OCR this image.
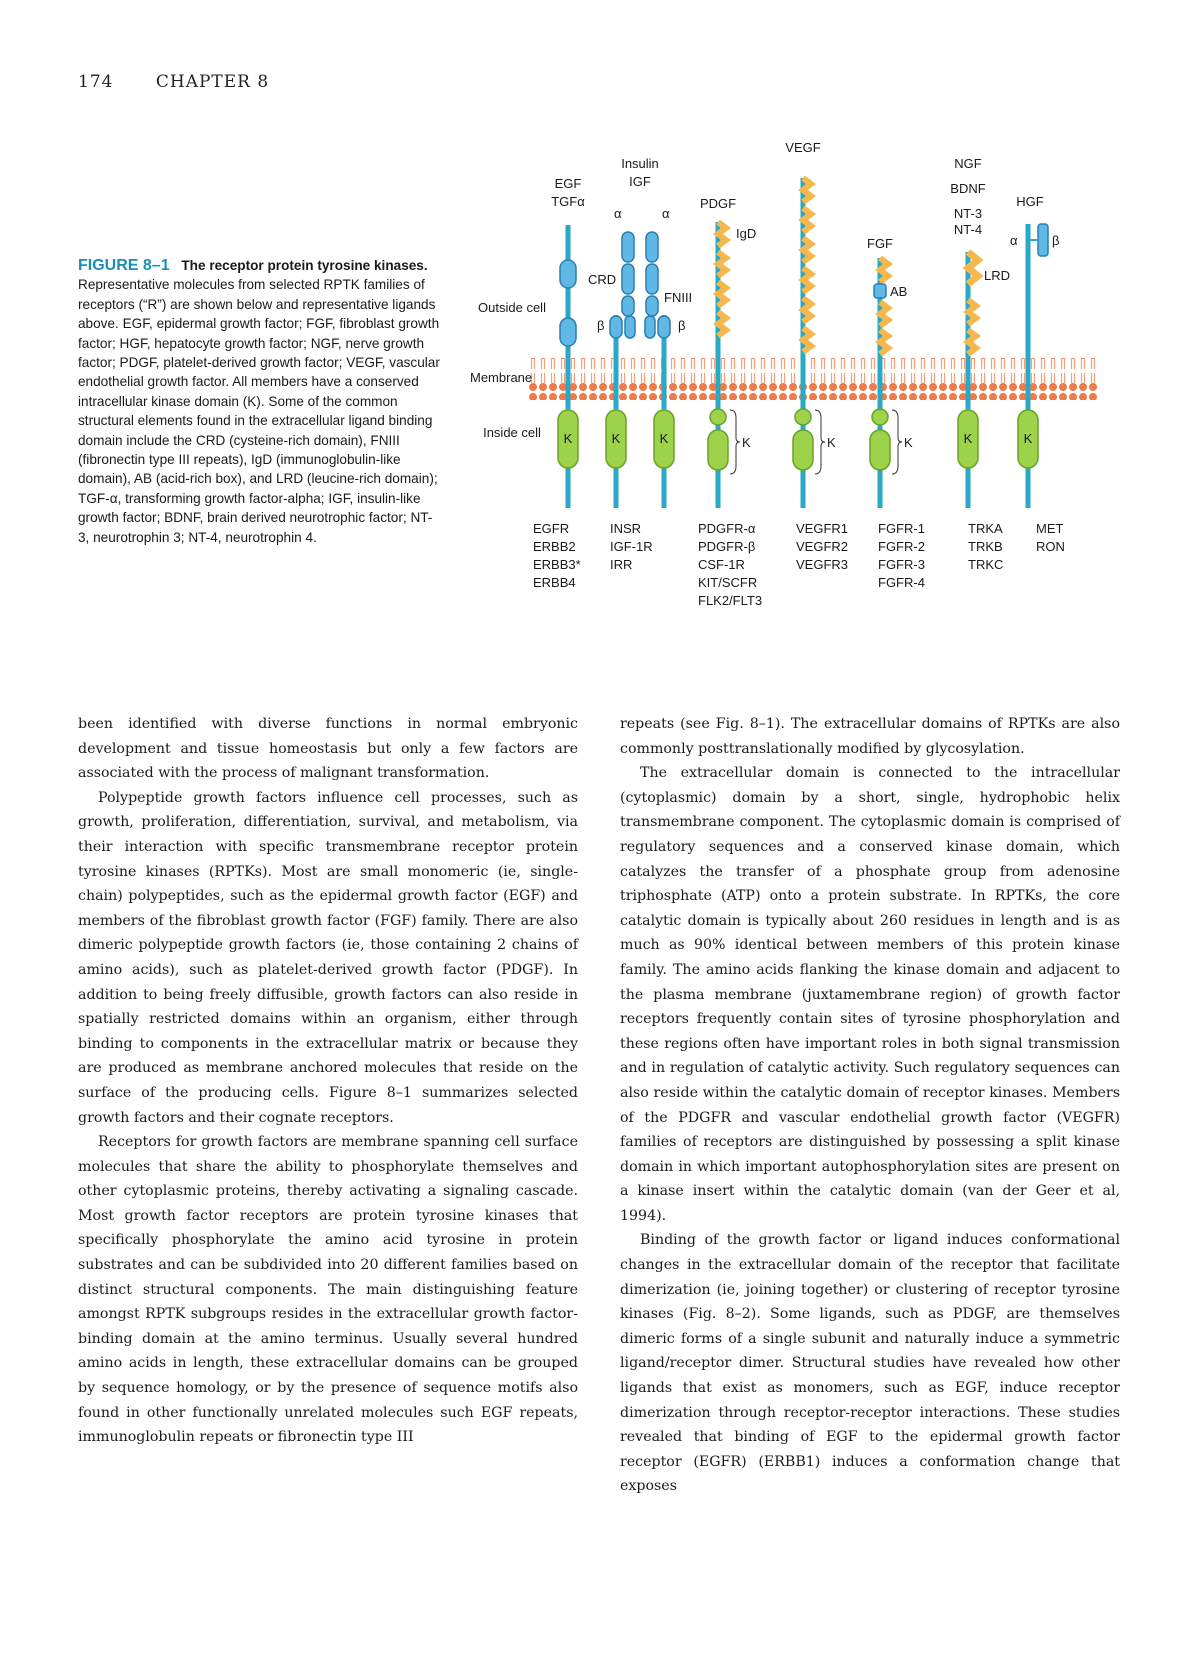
174 CHAPTER 8
FIGURE 8–1 The receptor protein tyrosine kinases. Representative molecules from selected RPTK families of receptors (“R”) are shown below and representative ligands above. EGF, epidermal growth factor; FGF, fibroblast growth factor; HGF, hepatocyte growth factor; NGF, nerve growth factor; PDGF, platelet-derived growth factor; VEGF, vascular endothelial growth factor. All members have a conserved intracellular kinase domain (K). Some of the common structural elements found in the extracellular ligand binding domain include the CRD (cysteine-rich domain), FNIII (fibronectin type III repeats), IgD (immunoglobulin-like domain), AB (acid-rich box), and LRD (leucine-rich domain); TGF-α, transforming growth factor-alpha; IGF, insulin-like growth factor; BDNF, brain derived neurotrophic factor; NT-3, neurotrophin 3; NT-4, neurotrophin 4.
Outside cell
Membrane
Inside cell
EGF
TGFα
Insulin
IGF
PDGF
VEGF
FGF
NGF
BDNF
NT-3
NT-4
HGF
CRD
α	α
β	β
FNIII
IgD
AB
LRD
α	β
K	K	K	K	K	K	K	K
EGFR
ERBB2
ERBB3*
ERBB4
INSR
IGF-1R
IRR
PDGFR-α
PDGFR-β
CSF-1R
KIT/SCFR
FLK2/FLT3
VEGFR1
VEGFR2
VEGFR3
FGFR-1
FGFR-2
FGFR-3
FGFR-4
TRKA
TRKB
TRKC
MET
RON

been identified with diverse functions in normal embryonic development and tissue homeostasis but only a few factors are associated with the process of malignant transformation.

Polypeptide growth factors influence cell processes, such as growth, proliferation, differentiation, survival, and metabolism, via their interaction with specific transmembrane receptor protein tyrosine kinases (RPTKs). Most are small monomeric (ie, single-chain) polypeptides, such as the epidermal growth factor (EGF) and members of the fibroblast growth factor (FGF) family. There are also dimeric polypeptide growth factors (ie, those containing 2 chains of amino acids), such as platelet-derived growth factor (PDGF). In addition to being freely diffusible, growth factors can also reside in spatially restricted domains within an organism, either through binding to components in the extracellular matrix or because they are produced as membrane anchored molecules that reside on the surface of the producing cells. Figure 8–1 summarizes selected growth factors and their cognate receptors.

Receptors for growth factors are membrane spanning cell surface molecules that share the ability to phosphorylate themselves and other cytoplasmic proteins, thereby activating a signaling cascade. Most growth factor receptors are protein tyrosine kinases that specifically phosphorylate the amino acid tyrosine in protein substrates and can be subdivided into 20 different families based on distinct structural components. The main distinguishing feature amongst RPTK subgroups resides in the extracellular growth factor-binding domain at the amino terminus. Usually several hundred amino acids in length, these extracellular domains can be grouped by sequence homology, or by the presence of sequence motifs also found in other functionally unrelated molecules such EGF repeats, immunoglobulin repeats or fibronectin type III

repeats (see Fig. 8–1). The extracellular domains of RPTKs are also commonly posttranslationally modified by glycosylation.

The extracellular domain is connected to the intracellular (cytoplasmic) domain by a short, single, hydrophobic helix transmembrane component. The cytoplasmic domain is comprised of regulatory sequences and a conserved kinase domain, which catalyzes the transfer of a phosphate group from adenosine triphosphate (ATP) onto a protein substrate. In RPTKs, the core catalytic domain is typically about 260 residues in length and is as much as 90% identical between members of this protein kinase family. The amino acids flanking the kinase domain and adjacent to the plasma membrane (juxtamembrane region) of growth factor receptors frequently contain sites of tyrosine phosphorylation and these regions often have important roles in both signal transmission and in regulation of catalytic activity. Such regulatory sequences can also reside within the catalytic domain of receptor kinases. Members of the PDGFR and vascular endothelial growth factor (VEGFR) families of receptors are distinguished by possessing a split kinase domain in which important autophosphorylation sites are present on a kinase insert within the catalytic domain (van der Geer et al, 1994).

Binding of the growth factor or ligand induces conformational changes in the extracellular domain of the receptor that facilitate dimerization (ie, joining together) or clustering of receptor tyrosine kinases (Fig. 8–2). Some ligands, such as PDGF, are themselves dimeric forms of a single subunit and naturally induce a symmetric ligand/receptor dimer. Structural studies have revealed how other ligands that exist as monomers, such as EGF, induce receptor dimerization through receptor-receptor interactions. These studies revealed that binding of EGF to the epidermal growth factor receptor (EGFR) (ERBB1) induces a conformation change that exposes
